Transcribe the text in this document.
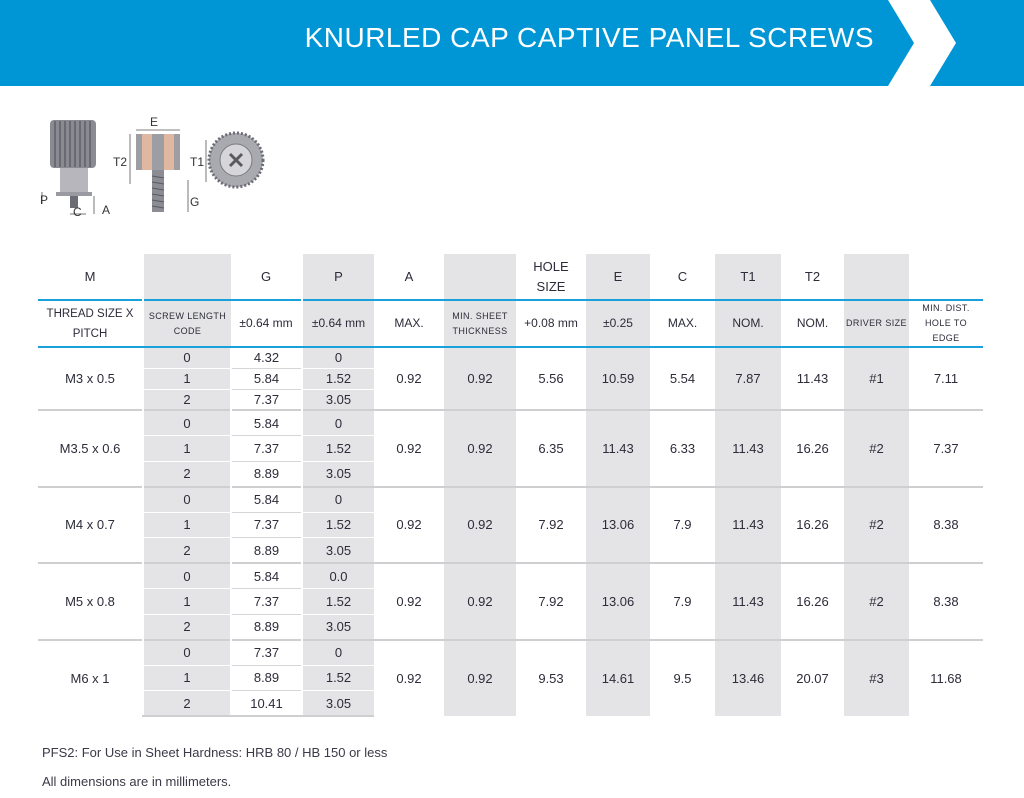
KNURLED CAP CAPTIVE PANEL SCREWS
E
T2	T1
P
C A
G
M		G	P	A		HOLE SIZE	E	C	T1	T2		
THREAD SIZE X PITCH	SCREW LENGTH CODE	±0.64 mm	±0.64 mm	MAX.	MIN. SHEET THICKNESS	+0.08 mm	±0.25	MAX.	NOM.	NOM.	DRIVER SIZE	MIN. DIST. HOLE TO EDGE
M3 x 0.5	0	4.32	0	0.92	0.92	5.56	10.59	5.54	7.87	11.43	#1	7.11
	1	5.84	1.52									
	2	7.37	3.05									
M3.5 x 0.6	0	5.84	0	0.92	0.92	6.35	11.43	6.33	11.43	16.26	#2	7.37
	1	7.37	1.52									
	2	8.89	3.05									
M4 x 0.7	0	5.84	0	0.92	0.92	7.92	13.06	7.9	11.43	16.26	#2	8.38
	1	7.37	1.52									
	2	8.89	3.05									
M5 x 0.8	0	5.84	0.0	0.92	0.92	7.92	13.06	7.9	11.43	16.26	#2	8.38
	1	7.37	1.52									
	2	8.89	3.05									
M6 x 1	0	7.37	0	0.92	0.92	9.53	14.61	9.5	13.46	20.07	#3	11.68
	1	8.89	1.52									
	2	10.41	3.05									
PFS2: For Use in Sheet Hardness: HRB 80 / HB 150 or less
All dimensions are in millimeters.
